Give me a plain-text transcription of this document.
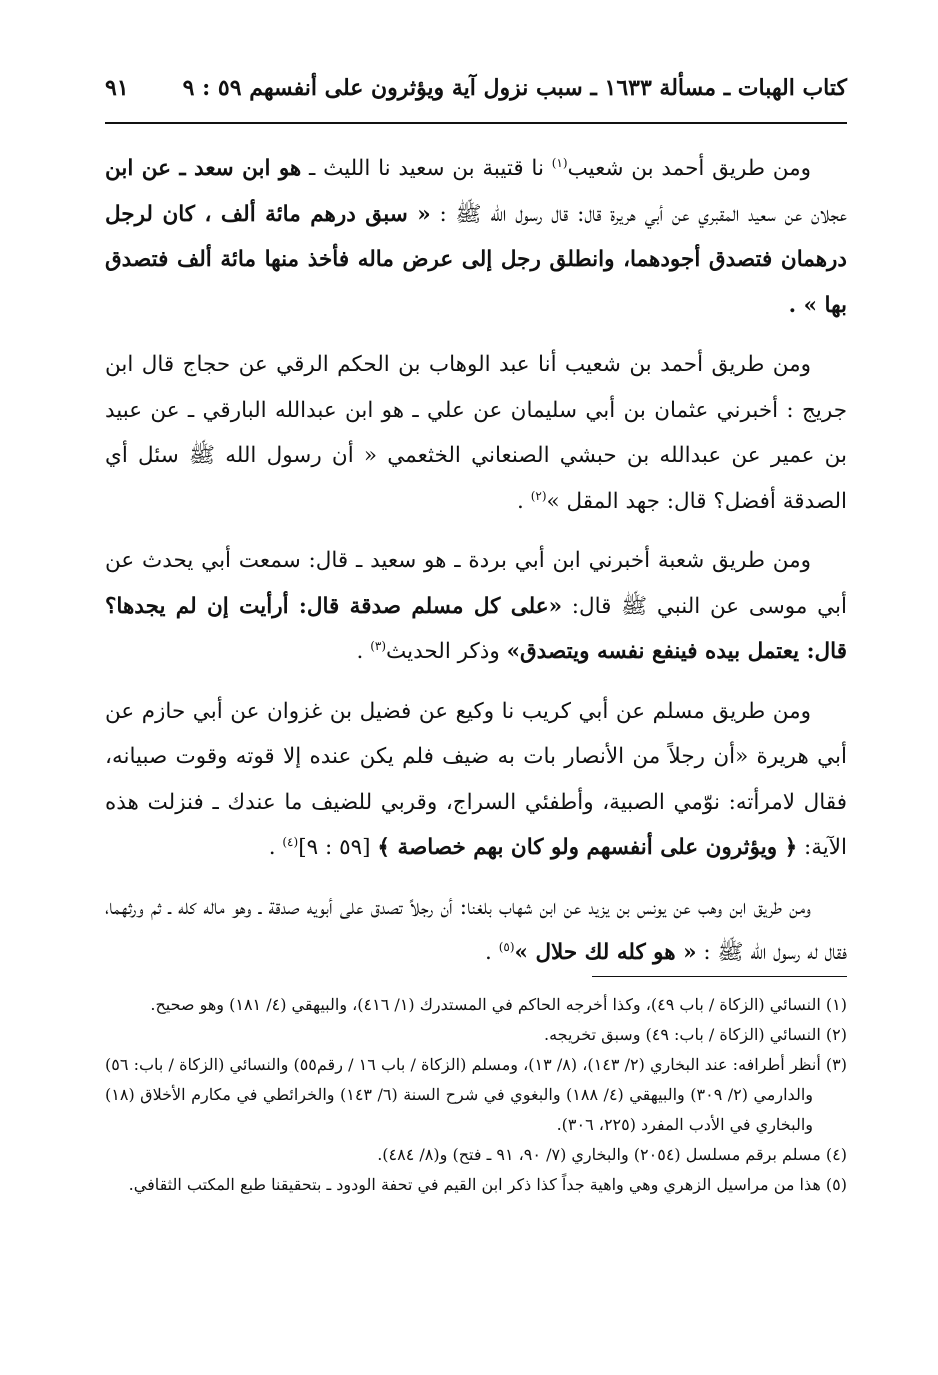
كتاب الهبات ـ مسألة ١٦٣٣ ـ سبب نزول آية ويؤثرون على أنفسهم ٥٩ : ٩
٩١

ومن طريق أحمد بن شعيب$^{(١)}$ نا قتيبة بن سعيد نا الليث ـ هو ابن سعد ـ عن ابن عجلان عن سعيد المقبري عن أبي هريرة قال: قال رسول الله ﷺ : « سبق درهم مائة ألف ، كان لرجل درهمان فتصدق أجودهما، وانطلق رجل إلى عرض ماله فأخذ منها مائة ألف فتصدق بها » .

ومن طريق أحمد بن شعيب أنا عبد الوهاب بن الحكم الرقي عن حجاج قال ابن جريج : أخبرني عثمان بن أبي سليمان عن علي ـ هو ابن عبدالله البارقي ـ عن عبيد بن عمير عن عبدالله بن حبشي الصنعاني الخثعمي « أن رسول الله ﷺ سئل أي الصدقة أفضل؟ قال: جهد المقل »$^{(٢)}$ .

ومن طريق شعبة أخبرني ابن أبي بردة ـ هو سعيد ـ قال: سمعت أبي يحدث عن أبي موسى عن النبي ﷺ قال: «على كل مسلم صدقة قال: أرأيت إن لم يجدها؟ قال: يعتمل بيده فينفع نفسه ويتصدق» وذكر الحديث$^{(٣)}$ .

ومن طريق مسلم عن أبي كريب نا وكيع عن فضيل بن غزوان عن أبي حازم عن أبي هريرة «أن رجلاً من الأنصار بات به ضيف فلم يكن عنده إلا قوته وقوت صبيانه، فقال لامرأته: نوّمي الصبية، وأطفئي السراج، وقربي للضيف ما عندك ـ فنزلت هذه الآية: ﴿ ويؤثرون على أنفسهم ولو كان بهم خصاصة ﴾ [٥٩ : ٩]$^{(٤)}$ .

ومن طريق ابن وهب عن يونس بن يزيد عن ابن شهاب بلغنا: أن رجلاً تصدق على أبويه صدقة ـ وهو ماله كله ـ ثم ورثهما، فقال له رسول الله ﷺ : « هو كله لك حلال »$^{(٥)}$ .

(١) النسائي (الزكاة / باب ٤٩)، وكذا أخرجه الحاكم في المستدرك (١/ ٤١٦)، والبيهقي (٤/ ١٨١) وهو صحيح.

(٢) النسائي (الزكاة / باب: ٤٩) وسبق تخريجه.

(٣) أنظر أطرافه: عند البخاري (٢/ ١٤٣)، (٨/ ١٣)، ومسلم (الزكاة / باب ١٦ / رقم٥٥) والنسائي (الزكاة / باب: ٥٦) والدارمي (٢/ ٣٠٩) والبيهقي (٤/ ١٨٨) والبغوي في شرح السنة (٦/ ١٤٣) والخرائطي في مكارم الأخلاق (١٨) والبخاري في الأدب المفرد (٢٢٥، ٣٠٦).

(٤) مسلم برقم مسلسل (٢٠٥٤) والبخاري (٧/ ٩٠، ٩١ ـ فتح) و(٨/ ٤٨٤).

(٥) هذا من مراسيل الزهري وهي واهية جداً كذا ذكر ابن القيم في تحفة الودود ـ بتحقيقنا طبع المكتب الثقافي.
